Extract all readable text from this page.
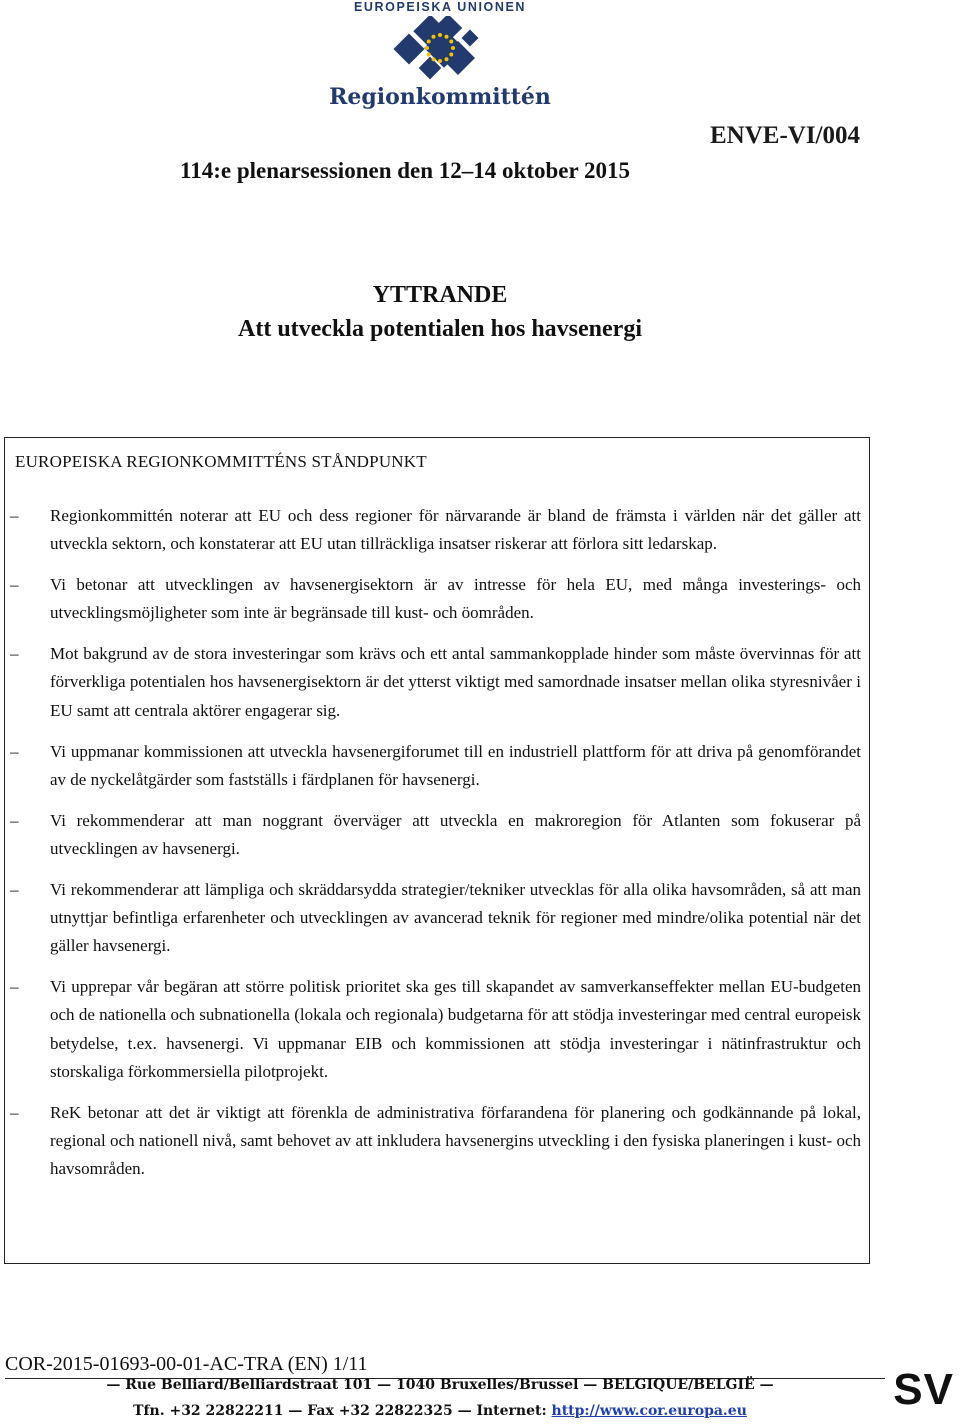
EUROPEISKA UNIONEN
Regionkommittén
ENVE-VI/004
114:e plenarsessionen den 12–14 oktober 2015
YTTRANDE
Att utveckla potentialen hos havsenergi
EUROPEISKA REGIONKOMMITTÉNS STÅNDPUNKT
– Regionkommittén noterar att EU och dess regioner för närvarande är bland de främsta i världen när det gäller att utveckla sektorn, och konstaterar att EU utan tillräckliga insatser riskerar att förlora sitt ledarskap.
– Vi betonar att utvecklingen av havsenergisektorn är av intresse för hela EU, med många investerings- och utvecklingsmöjligheter som inte är begränsade till kust- och öområden.
– Mot bakgrund av de stora investeringar som krävs och ett antal sammankopplade hinder som måste övervinnas för att förverkliga potentialen hos havsenergisektorn är det ytterst viktigt med samordnade insatser mellan olika styresnivåer i EU samt att centrala aktörer engagerar sig.
– Vi uppmanar kommissionen att utveckla havsenergiforumet till en industriell plattform för att driva på genomförandet av de nyckelåtgärder som fastställs i färdplanen för havsenergi.
– Vi rekommenderar att man noggrant överväger att utveckla en makroregion för Atlanten som fokuserar på utvecklingen av havsenergi.
– Vi rekommenderar att lämpliga och skräddarsydda strategier/tekniker utvecklas för alla olika havsområden, så att man utnyttjar befintliga erfarenheter och utvecklingen av avancerad teknik för regioner med mindre/olika potential när det gäller havsenergi.
– Vi upprepar vår begäran att större politisk prioritet ska ges till skapandet av samverkanseffekter mellan EU-budgeten och de nationella och subnationella (lokala och regionala) budgetarna för att stödja investeringar med central europeisk betydelse, t.ex. havsenergi. Vi uppmanar EIB och kommissionen att stödja investeringar i nätinfrastruktur och storskaliga förkommersiella pilotprojekt.
– ReK betonar att det är viktigt att förenkla de administrativa förfarandena för planering och godkännande på lokal, regional och nationell nivå, samt behovet av att inkludera havsenergins utveckling i den fysiska planeringen i kust- och havsområden.
COR-2015-01693-00-01-AC-TRA (EN) 1/11
— Rue Belliard/Belliardstraat 101 — 1040 Bruxelles/Brussel — BELGIQUE/BELGIË —
Tfn. +32 22822211 — Fax +32 22822325 — Internet: http://www.cor.europa.eu	SV
